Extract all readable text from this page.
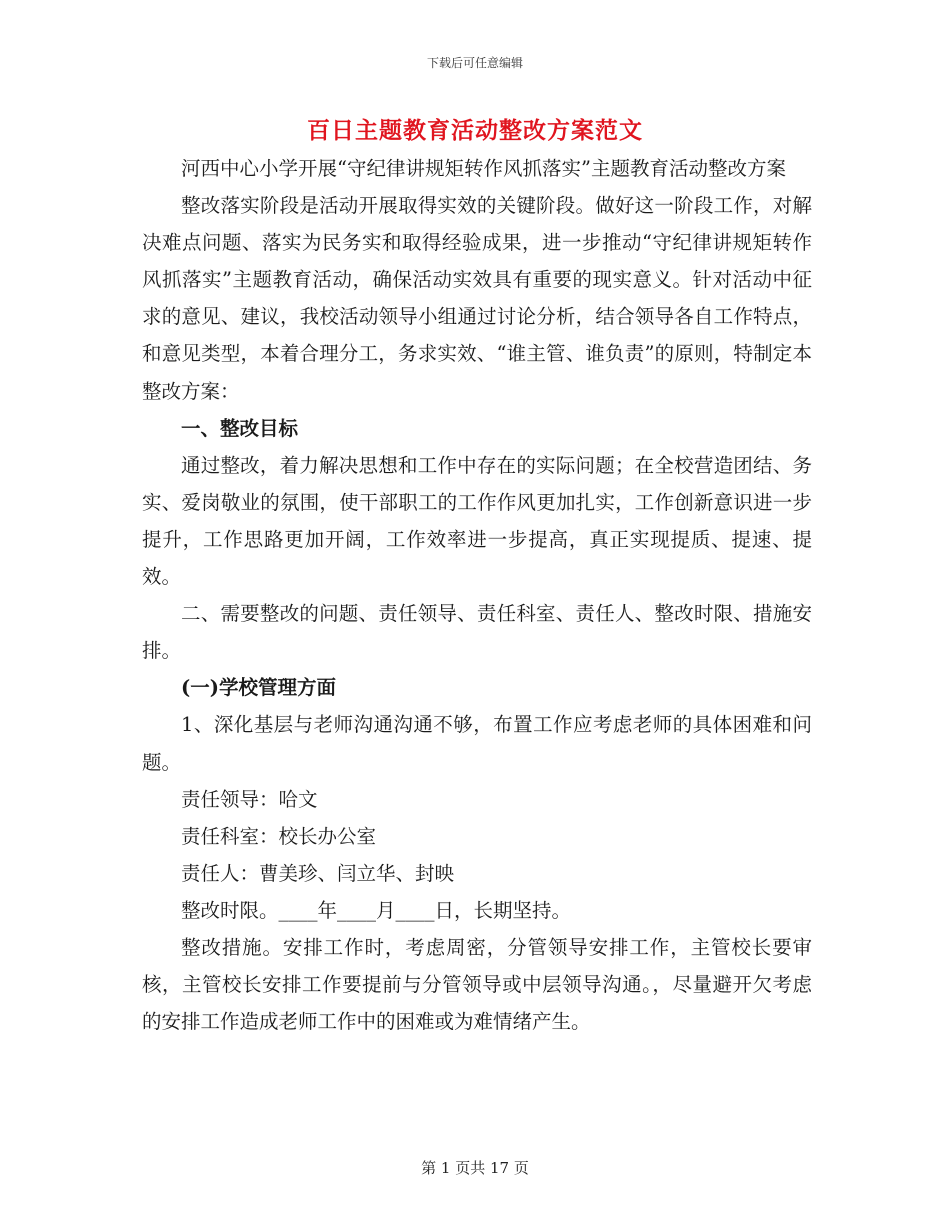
下载后可任意编辑
百日主题教育活动整改方案范文

河西中心小学开展“守纪律讲规矩转作风抓落实”主题教育活动整改方案

整改落实阶段是活动开展取得实效的关键阶段。做好这一阶段工作，对解决难点问题、落实为民务实和取得经验成果，进一步推动“守纪律讲规矩转作风抓落实”主题教育活动，确保活动实效具有重要的现实意义。针对活动中征求的意见、建议，我校活动领导小组通过讨论分析，结合领导各自工作特点，和意见类型，本着合理分工，务求实效、“谁主管、谁负责”的原则，特制定本整改方案：

一、整改目标

通过整改，着力解决思想和工作中存在的实际问题；在全校营造团结、务实、爱岗敬业的氛围，使干部职工的工作作风更加扎实，工作创新意识进一步提升，工作思路更加开阔，工作效率进一步提高，真正实现提质、提速、提效。

二、需要整改的问题、责任领导、责任科室、责任人、整改时限、措施安排。

(一)学校管理方面

1、深化基层与老师沟通沟通不够，布置工作应考虑老师的具体困难和问题。

责任领导：哈文

责任科室：校长办公室

责任人：曹美珍、闫立华、封映

整改时限。____年____月____日，长期坚持。

整改措施。安排工作时，考虑周密，分管领导安排工作，主管校长要审核，主管校长安排工作要提前与分管领导或中层领导沟通。，尽量避开欠考虑的安排工作造成老师工作中的困难或为难情绪产生。

第 1 页共 17 页
